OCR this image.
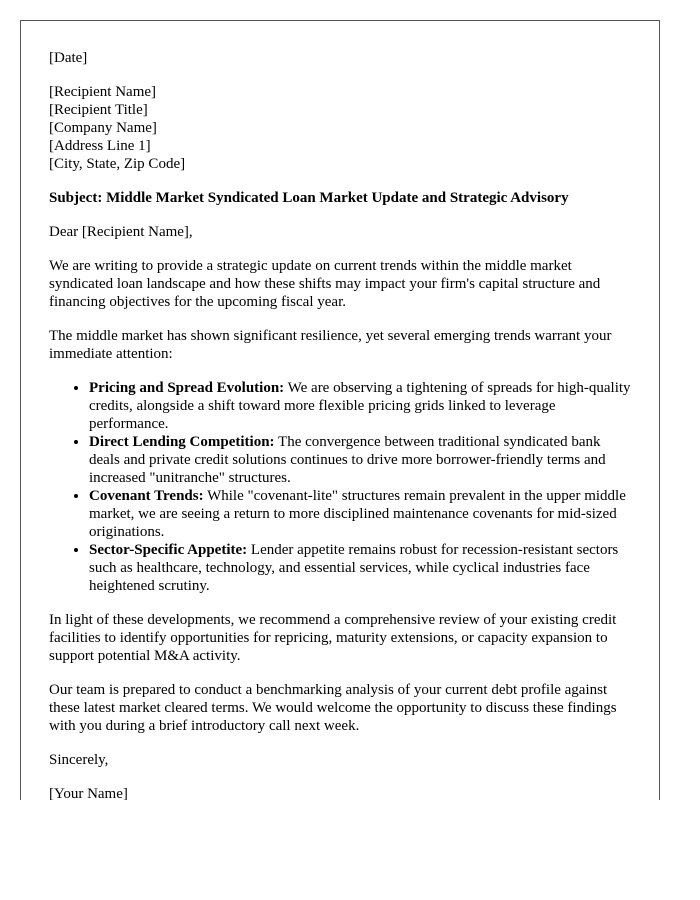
[Date]

[Recipient Name]
[Recipient Title]
[Company Name]
[Address Line 1]
[City, State, Zip Code]

Subject: Middle Market Syndicated Loan Market Update and Strategic Advisory

Dear [Recipient Name],

We are writing to provide a strategic update on current trends within the middle market syndicated loan landscape and how these shifts may impact your firm's capital structure and financing objectives for the upcoming fiscal year.

The middle market has shown significant resilience, yet several emerging trends warrant your immediate attention:

• Pricing and Spread Evolution: We are observing a tightening of spreads for high-quality credits, alongside a shift toward more flexible pricing grids linked to leverage performance.
• Direct Lending Competition: The convergence between traditional syndicated bank deals and private credit solutions continues to drive more borrower-friendly terms and increased "unitranche" structures.
• Covenant Trends: While "covenant-lite" structures remain prevalent in the upper middle market, we are seeing a return to more disciplined maintenance covenants for mid-sized originations.
• Sector-Specific Appetite: Lender appetite remains robust for recession-resistant sectors such as healthcare, technology, and essential services, while cyclical industries face heightened scrutiny.

In light of these developments, we recommend a comprehensive review of your existing credit facilities to identify opportunities for repricing, maturity extensions, or capacity expansion to support potential M&A activity.

Our team is prepared to conduct a benchmarking analysis of your current debt profile against these latest market cleared terms. We would welcome the opportunity to discuss these findings with you during a brief introductory call next week.

Sincerely,

[Your Name]
